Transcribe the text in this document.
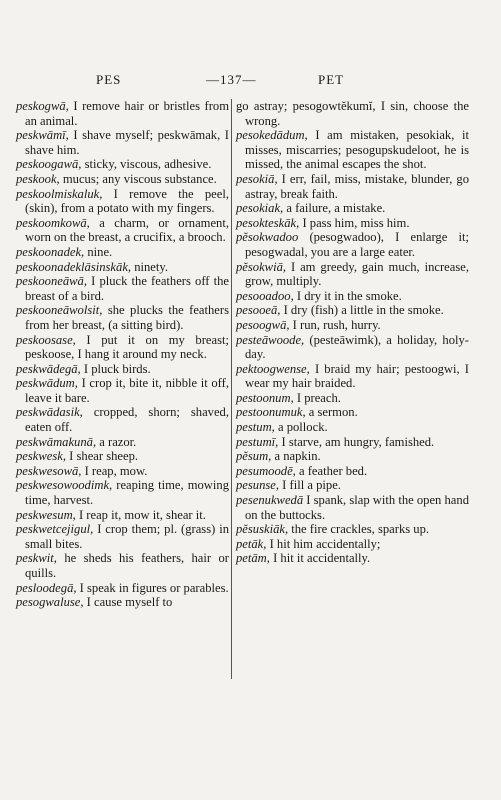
PES	—137—	PET

peskogwā, I remove hair or bristles from an animal.

peskwāmī, I shave myself; peskwāmak, I shave him.

peskoogawā, sticky, viscous, adhesive.

peskook, mucus; any viscous substance.

peskoolmiskaluk, I remove the peel, (skin), from a potato with my fingers.

peskoomkowā, a charm, or ornament, worn on the breast, a crucifix, a brooch.

peskoonadek, nine.

peskoonadeklāsinskāk, ninety.

peskooneāwā, I pluck the feathers off the breast of a bird.

peskooneāwolsit, she plucks the feathers from her breast, (a sitting bird).

peskoosase, I put it on my breast; peskoose, I hang it around my neck.

peskwādegā, I pluck birds.

peskwādum, I crop it, bite it, nibble it off, leave it bare.

peskwādasik, cropped, shorn; shaved, eaten off.

peskwāmakunā, a razor.

peskwesk, I shear sheep.

peskwesowā, I reap, mow.

peskwesowoodimk, reaping time, mowing time, harvest.

peskwesum, I reap it, mow it, shear it.

peskwetcejigul, I crop them; pl. (grass) in small bites.

peskwit, he sheds his feathers, hair or quills.

pesloodegā, I speak in figures or parables.

pesogwaluse, I cause myself to

go astray; pesogowtĕkumĭ, I sin, choose the wrong.

pesokedādum, I am mistaken, pesokiak, it misses, miscarries; pesogupskudeloot, he is missed, the animal escapes the shot.

pesokiā, I err, fail, miss, mistake, blunder, go astray, break faith.

pesokiak, a failure, a mistake.

pesokteskāk, I pass him, miss him.

pĕsokwadoo (pesogwadoo), I enlarge it; pesogwadal, you are a large eater.

pĕsokwiā, I am greedy, gain much, increase, grow, multiply.

pesooadoo, I dry it in the smoke.

pesooeā, I dry (fish) a little in the smoke.

pesoogwā, I run, rush, hurry.

pesteāwoode, (pesteāwimk), a holiday, holy-day.

pektoogwense, I braid my hair; pestoogwi, I wear my hair braided.

pestoonum, I preach.

pestoonumuk, a sermon.

pestum, a pollock.

pestumī, I starve, am hungry, famished.

pĕsum, a napkin.

pesumoodē, a feather bed.

pesunse, I fill a pipe.

pesenukwedā I spank, slap with the open hand on the buttocks.

pĕsuskiāk, the fire crackles, sparks up.

petāk, I hit him accidentally;

petām, I hit it accidentally.
